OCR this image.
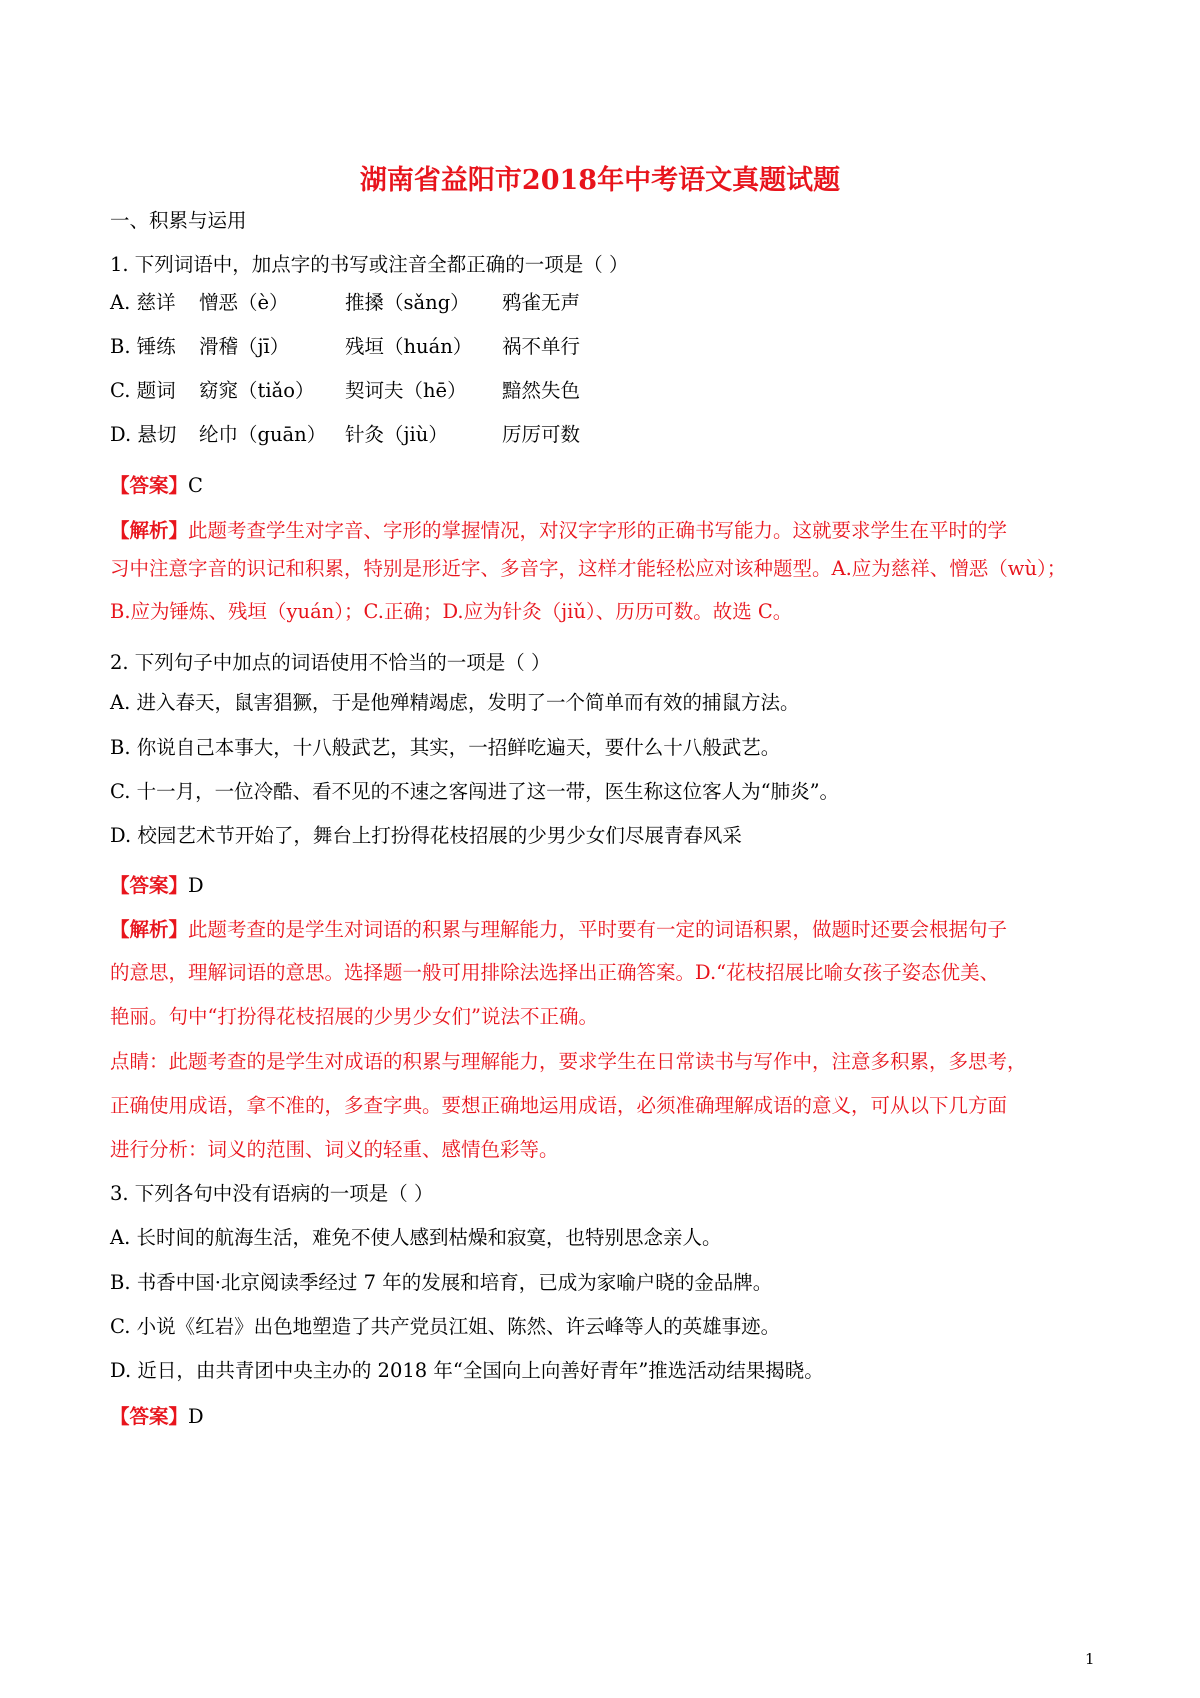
湖南省益阳市2018年中考语文真题试题
一、积累与运用
1. 下列词语中，加点字的书写或注音全都正确的一项是（ ）
A. 慈详 憎恶（è）	推搡（sǎng） 鸦雀无声
B. 锤练 滑稽（jī）	残垣（huán） 祸不单行
C. 题词 窈窕（tiǎo） 契诃夫（hē） 黯然失色
D. 悬切 纶巾（guān） 针灸（jiù）	厉厉可数
【答案】C
【解析】此题考查学生对字音、字形的掌握情况，对汉字字形的正确书写能力。这就要求学生在平时的学
习中注意字音的识记和积累，特别是形近字、多音字，这样才能轻松应对该种题型。A.应为慈祥、憎恶（wù）；
B.应为锤炼、残垣（yuán）；C.正确；D.应为针灸（jiǔ）、历历可数。故选 C。
2. 下列句子中加点的词语使用不恰当的一项是（ ）
A. 进入春天，鼠害猖獗，于是他殚精竭虑，发明了一个简单而有效的捕鼠方法。
B. 你说自己本事大，十八般武艺，其实，一招鲜吃遍天，要什么十八般武艺。
C. 十一月，一位冷酷、看不见的不速之客闯进了这一带，医生称这位客人为“肺炎”。
D. 校园艺术节开始了，舞台上打扮得花枝招展的少男少女们尽展青春风采
【答案】D
【解析】此题考查的是学生对词语的积累与理解能力，平时要有一定的词语积累，做题时还要会根据句子
的意思，理解词语的意思。选择题一般可用排除法选择出正确答案。D.“花枝招展比喻女孩子姿态优美、
艳丽。句中“打扮得花枝招展的少男少女们”说法不正确。
点睛：此题考查的是学生对成语的积累与理解能力，要求学生在日常读书与写作中，注意多积累，多思考，
正确使用成语，拿不准的，多查字典。要想正确地运用成语，必须准确理解成语的意义，可从以下几方面
进行分析：词义的范围、词义的轻重、感情色彩等。
3. 下列各句中没有语病的一项是（ ）
A. 长时间的航海生活，难免不使人感到枯燥和寂寞，也特别思念亲人。
B. 书香中国·北京阅读季经过 7 年的发展和培育，已成为家喻户晓的金品牌。
C. 小说《红岩》出色地塑造了共产党员江姐、陈然、许云峰等人的英雄事迹。
D. 近日，由共青团中央主办的 2018 年“全国向上向善好青年”推选活动结果揭晓。
【答案】D
1
